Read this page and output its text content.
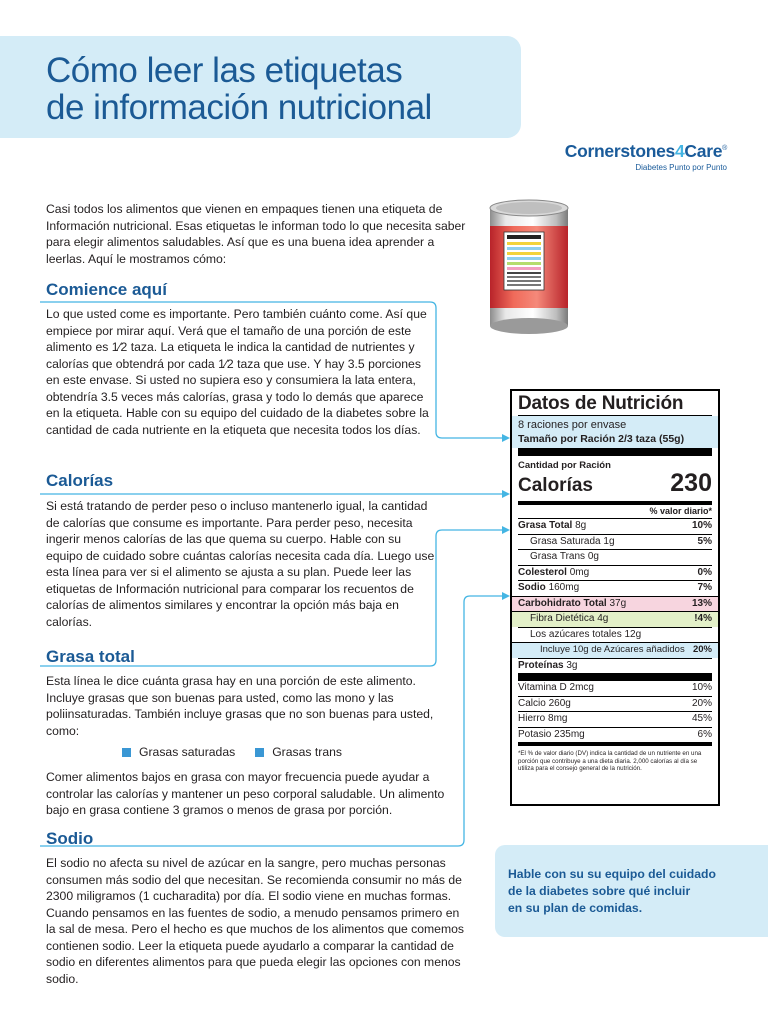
Cómo leer las etiquetas
de información nutricional
Cornerstones4Care®
Diabetes Punto por Punto
Casi todos los alimentos que vienen en empaques tienen una etiqueta de Información nutricional. Esas etiquetas le informan todo lo que necesita saber para elegir alimentos saludables. Así que es una buena idea aprender a leerlas. Aquí le mostramos cómo:
Comience aquí
Lo que usted come es importante. Pero también cuánto come. Así que empiece por mirar aquí. Verá que el tamaño de una porción de este alimento es 1⁄2 taza. La etiqueta le indica la cantidad de nutrientes y calorías que obtendrá por cada 1⁄2 taza que use. Y hay 3.5 porciones en este envase. Si usted no supiera eso y consumiera la lata entera, obtendría 3.5 veces más calorías, grasa y todo lo demás que aparece en la etiqueta. Hable con su equipo del cuidado de la diabetes sobre la cantidad de cada nutriente en la etiqueta que necesita todos los días.
Calorías
Si está tratando de perder peso o incluso mantenerlo igual, la cantidad de calorías que consume es importante. Para perder peso, necesita ingerir menos calorías de las que quema su cuerpo. Hable con su equipo de cuidado sobre cuántas calorías necesita cada día. Luego use esta línea para ver si el alimento se ajusta a su plan. Puede leer las etiquetas de Información nutricional para comparar los recuentos de calorías de alimentos similares y encontrar la opción más baja en calorías.
Grasa total
Esta línea le dice cuánta grasa hay en una porción de este alimento. Incluye grasas que son buenas para usted, como las mono y las poliinsaturadas. También incluye grasas que no son buenas para usted, como:
Grasas saturadas	Grasas trans
Comer alimentos bajos en grasa con mayor frecuencia puede ayudar a controlar las calorías y mantener un peso corporal saludable. Un alimento bajo en grasa contiene 3 gramos o menos de grasa por porción.
Sodio
El sodio no afecta su nivel de azúcar en la sangre, pero muchas personas consumen más sodio del que necesitan. Se recomienda consumir no más de 2300 miligramos (1 cucharadita) por día. El sodio viene en muchas formas. Cuando pensamos en las fuentes de sodio, a menudo pensamos primero en la sal de mesa. Pero el hecho es que muchos de los alimentos que comemos contienen sodio. Leer la etiqueta puede ayudarlo a comparar la cantidad de sodio en diferentes alimentos para que pueda elegir las opciones con menos sodio.
Datos de Nutrición
8 raciones por envase
Tamaño por Ración 2/3 taza (55g)
Cantidad por Ración
Calorías	230
% valor diario*
Grasa Total 8g	10%
Grasa Saturada 1g	5%
Grasa Trans 0g
Colesterol 0mg	0%
Sodio 160mg	7%
Carbohidrato Total 37g	13%
Fibra Dietética 4g	!4%
Los azúcares totales 12g
Incluye 10g de Azúcares añadidos 20%
Proteínas 3g
Vitamina D 2mcg	10%
Calcio 260g	20%
Hierro 8mg	45%
Potasio 235mg	6%
*El % de valor diario (DV) indica la cantidad de un nutriente en una porción que contribuye a una dieta diaria. 2,000 calorías al día se utiliza para el consejo general de la nutrición.
Hable con su su equipo del cuidado
de la diabetes sobre qué incluir
en su plan de comidas.
